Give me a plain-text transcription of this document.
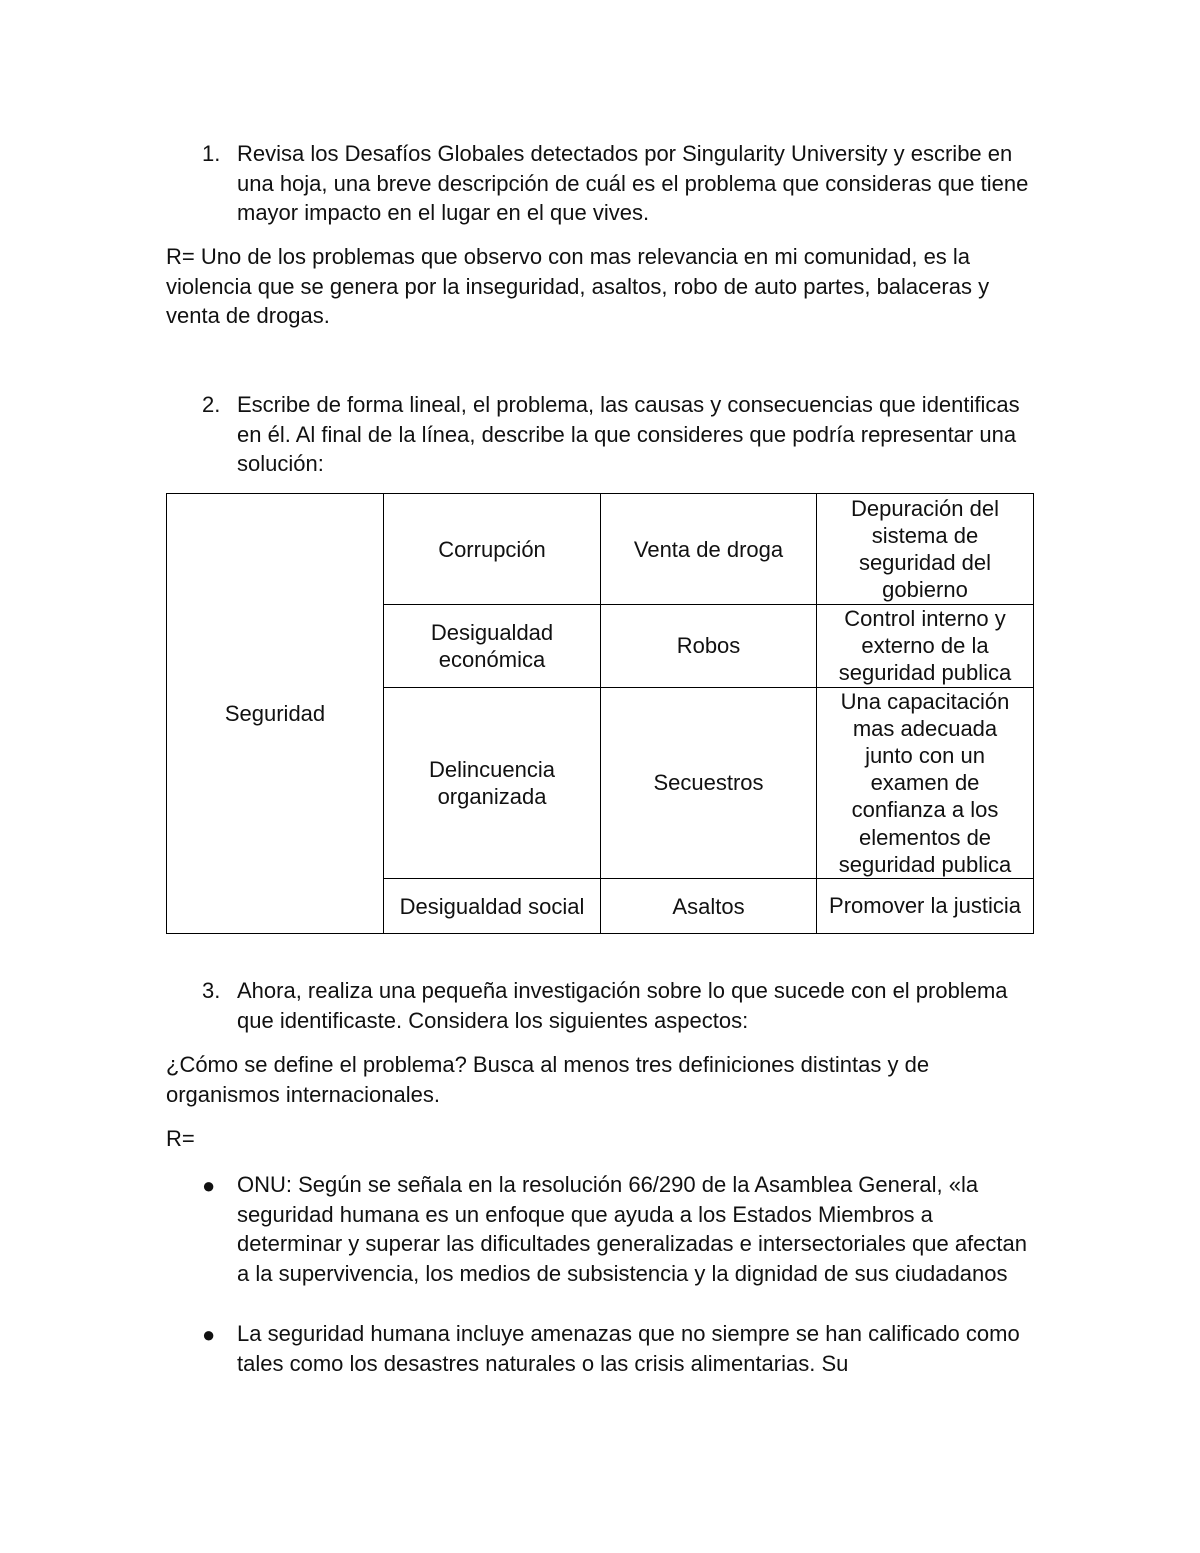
1. Revisa los Desafíos Globales detectados por Singularity University y escribe en una hoja, una breve descripción de cuál es el problema que consideras que tiene mayor impacto en el lugar en el que vives.

R= Uno de los problemas que observo con mas relevancia en mi comunidad, es la violencia que se genera por la inseguridad, asaltos, robo de auto partes, balaceras y venta de drogas.

2. Escribe de forma lineal, el problema, las causas y consecuencias que identificas en él. Al final de la línea, describe la que consideres que podría representar una solución:
Seguridad	Corrupción	Venta de droga	Depuración del sistema de seguridad del gobierno
	Desigualdad económica	Robos	Control interno y externo de la seguridad publica
	Delincuencia organizada	Secuestros	Una capacitación mas adecuada junto con un examen de confianza a los elementos de seguridad publica
	Desigualdad social	Asaltos	Promover la justicia
3. Ahora, realiza una pequeña investigación sobre lo que sucede con el problema que identificaste. Considera los siguientes aspectos:

¿Cómo se define el problema? Busca al menos tres definiciones distintas y de organismos internacionales.

R=

● ONU: Según se señala en la resolución 66/290 de la Asamblea General, «la seguridad humana es un enfoque que ayuda a los Estados Miembros a determinar y superar las dificultades generalizadas e intersectoriales que afectan a la supervivencia, los medios de subsistencia y la dignidad de sus ciudadanos
● La seguridad humana incluye amenazas que no siempre se han calificado como tales como los desastres naturales o las crisis alimentarias. Su
